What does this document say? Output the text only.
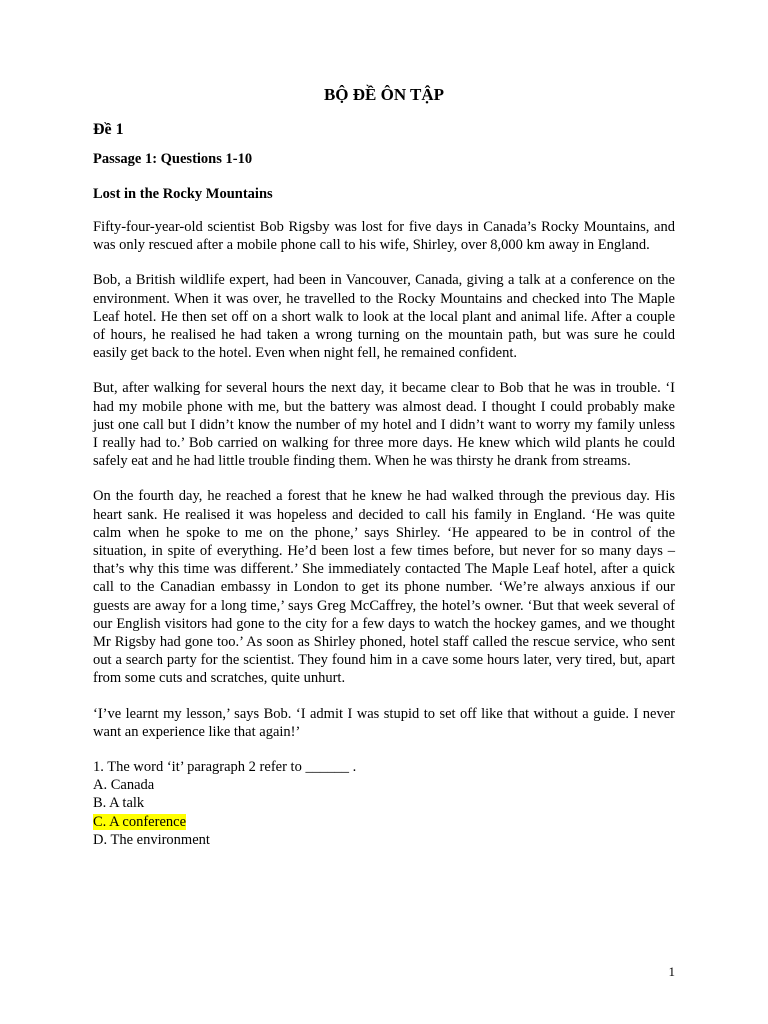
BỘ ĐỀ ÔN TẬP
Đề 1
Passage 1: Questions 1-10
Lost in the Rocky Mountains

Fifty-four-year-old scientist Bob Rigsby was lost for five days in Canada’s Rocky Mountains, and was only rescued after a mobile phone call to his wife, Shirley, over 8,000 km away in England.

Bob, a British wildlife expert, had been in Vancouver, Canada, giving a talk at a conference on the environment. When it was over, he travelled to the Rocky Mountains and checked into The Maple Leaf hotel. He then set off on a short walk to look at the local plant and animal life. After a couple of hours, he realised he had taken a wrong turning on the mountain path, but was sure he could easily get back to the hotel. Even when night fell, he remained confident.

But, after walking for several hours the next day, it became clear to Bob that he was in trouble. ‘I had my mobile phone with me, but the battery was almost dead. I thought I could probably make just one call but I didn’t know the number of my hotel and I didn’t want to worry my family unless I really had to.’ Bob carried on walking for three more days. He knew which wild plants he could safely eat and he had little trouble finding them. When he was thirsty he drank from streams.

On the fourth day, he reached a forest that he knew he had walked through the previous day. His heart sank. He realised it was hopeless and decided to call his family in England. ‘He was quite calm when he spoke to me on the phone,’ says Shirley. ‘He appeared to be in control of the situation, in spite of everything. He’d been lost a few times before, but never for so many days – that’s why this time was different.’ She immediately contacted The Maple Leaf hotel, after a quick call to the Canadian embassy in London to get its phone number. ‘We’re always anxious if our guests are away for a long time,’ says Greg McCaffrey, the hotel’s owner. ‘But that week several of our English visitors had gone to the city for a few days to watch the hockey games, and we thought Mr Rigsby had gone too.’ As soon as Shirley phoned, hotel staff called the rescue service, who sent out a search party for the scientist. They found him in a cave some hours later, very tired, but, apart from some cuts and scratches, quite unhurt.

‘I’ve learnt my lesson,’ says Bob. ‘I admit I was stupid to set off like that without a guide. I never want an experience like that again!’

1. The word ‘it’ paragraph 2 refer to ______ .

A. Canada

B. A talk

C. A conference

D. The environment

1
